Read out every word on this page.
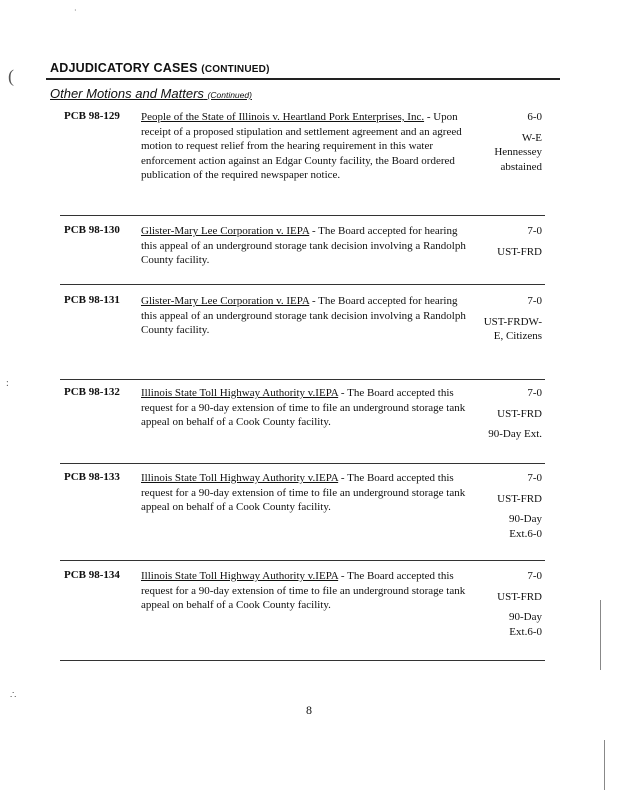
ADJUDICATORY CASES (CONTINUED)
Other Motions and Matters (Continued)
PCB 98-129 People of the State of Illinois v. Heartland Pork Enterprises, Inc. - Upon receipt of a proposed stipulation and settlement agreement and an agreed motion to request relief from the hearing requirement in this water enforcement action against an Edgar County facility, the Board ordered publication of the required newspaper notice.
6-0
W-E
Hennessey abstained
PCB 98-130 Glister-Mary Lee Corporation v. IEPA - The Board accepted for hearing this appeal of an underground storage tank decision involving a Randolph County facility.
7-0
UST-FRD
PCB 98-131 Glister-Mary Lee Corporation v. IEPA - The Board accepted for hearing this appeal of an underground storage tank decision involving a Randolph County facility.
7-0
UST-FRDW-E, Citizens
PCB 98-132 Illinois State Toll Highway Authority v.IEPA - The Board accepted this request for a 90-day extension of time to file an underground storage tank appeal on behalf of a Cook County facility.
7-0
UST-FRD
90-Day Ext.
PCB 98-133 Illinois State Toll Highway Authority v.IEPA - The Board accepted this request for a 90-day extension of time to file an underground storage tank appeal on behalf of a Cook County facility.
7-0
UST-FRD
90-Day Ext.6-0
PCB 98-134 Illinois State Toll Highway Authority v.IEPA - The Board accepted this request for a 90-day extension of time to file an underground storage tank appeal on behalf of a Cook County facility.
7-0
UST-FRD
90-Day Ext.6-0
8
(
·
:
∴
